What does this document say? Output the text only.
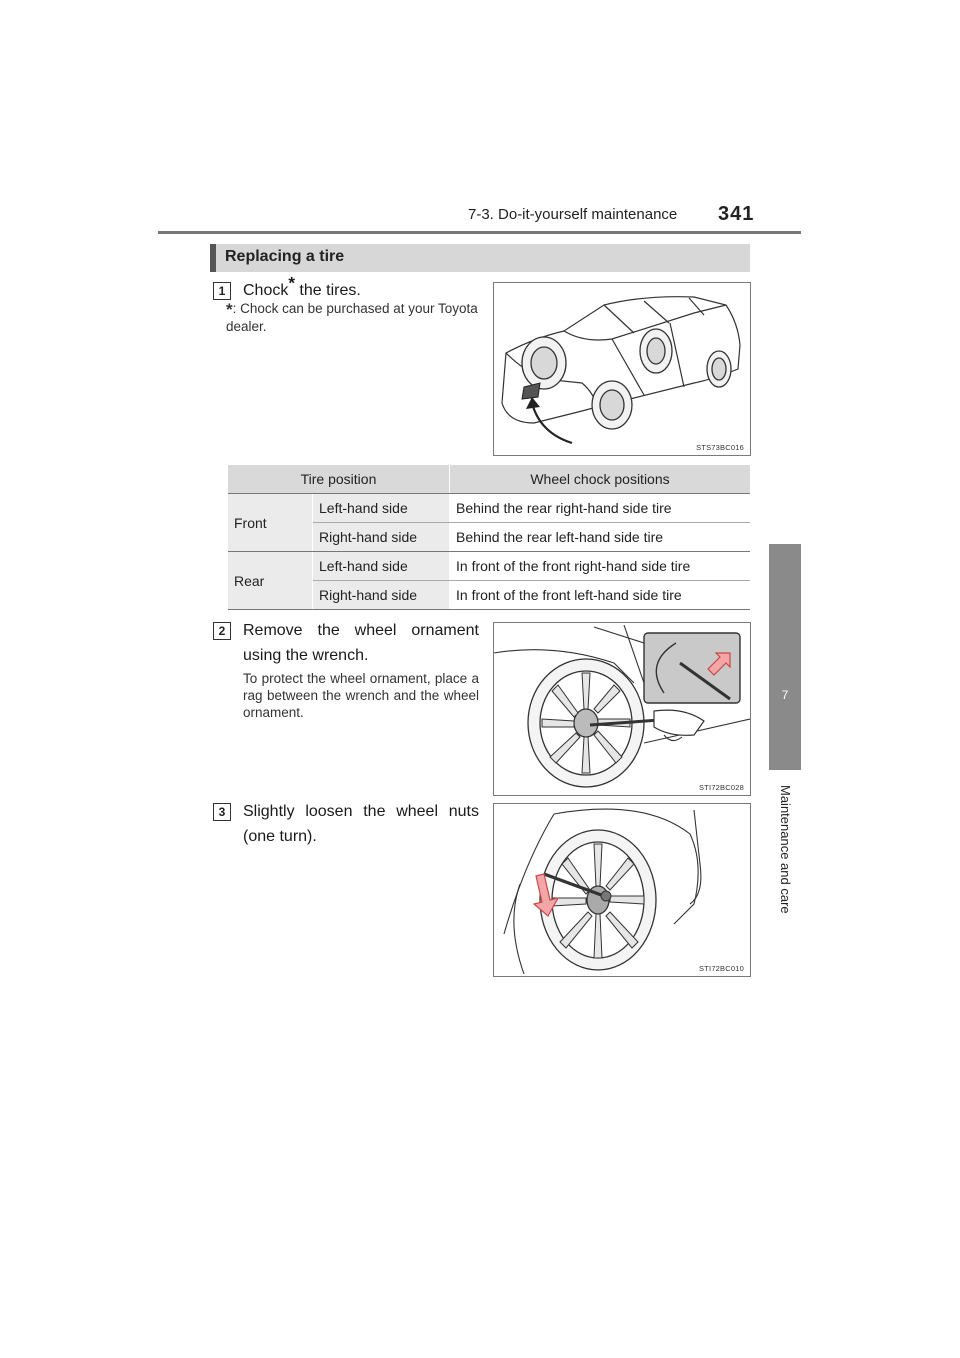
7-3. Do-it-yourself maintenance 341
7
Maintenance and care
Replacing a tire
1	Chock* the tires.
*: Chock can be purchased at your Toyota dealer.
STS73BC016
Tire position		Wheel chock positions
Front	Left-hand side	Behind the rear right-hand side tire
	Right-hand side	Behind the rear left-hand side tire
Rear	Left-hand side	In front of the front right-hand side tire
	Right-hand side	In front of the front left-hand side tire
2	Remove the wheel ornament using the wrench.
To protect the wheel ornament, place a rag between the wrench and the wheel ornament.
STI72BC028
3	Slightly loosen the wheel nuts (one turn).
STI72BC010
